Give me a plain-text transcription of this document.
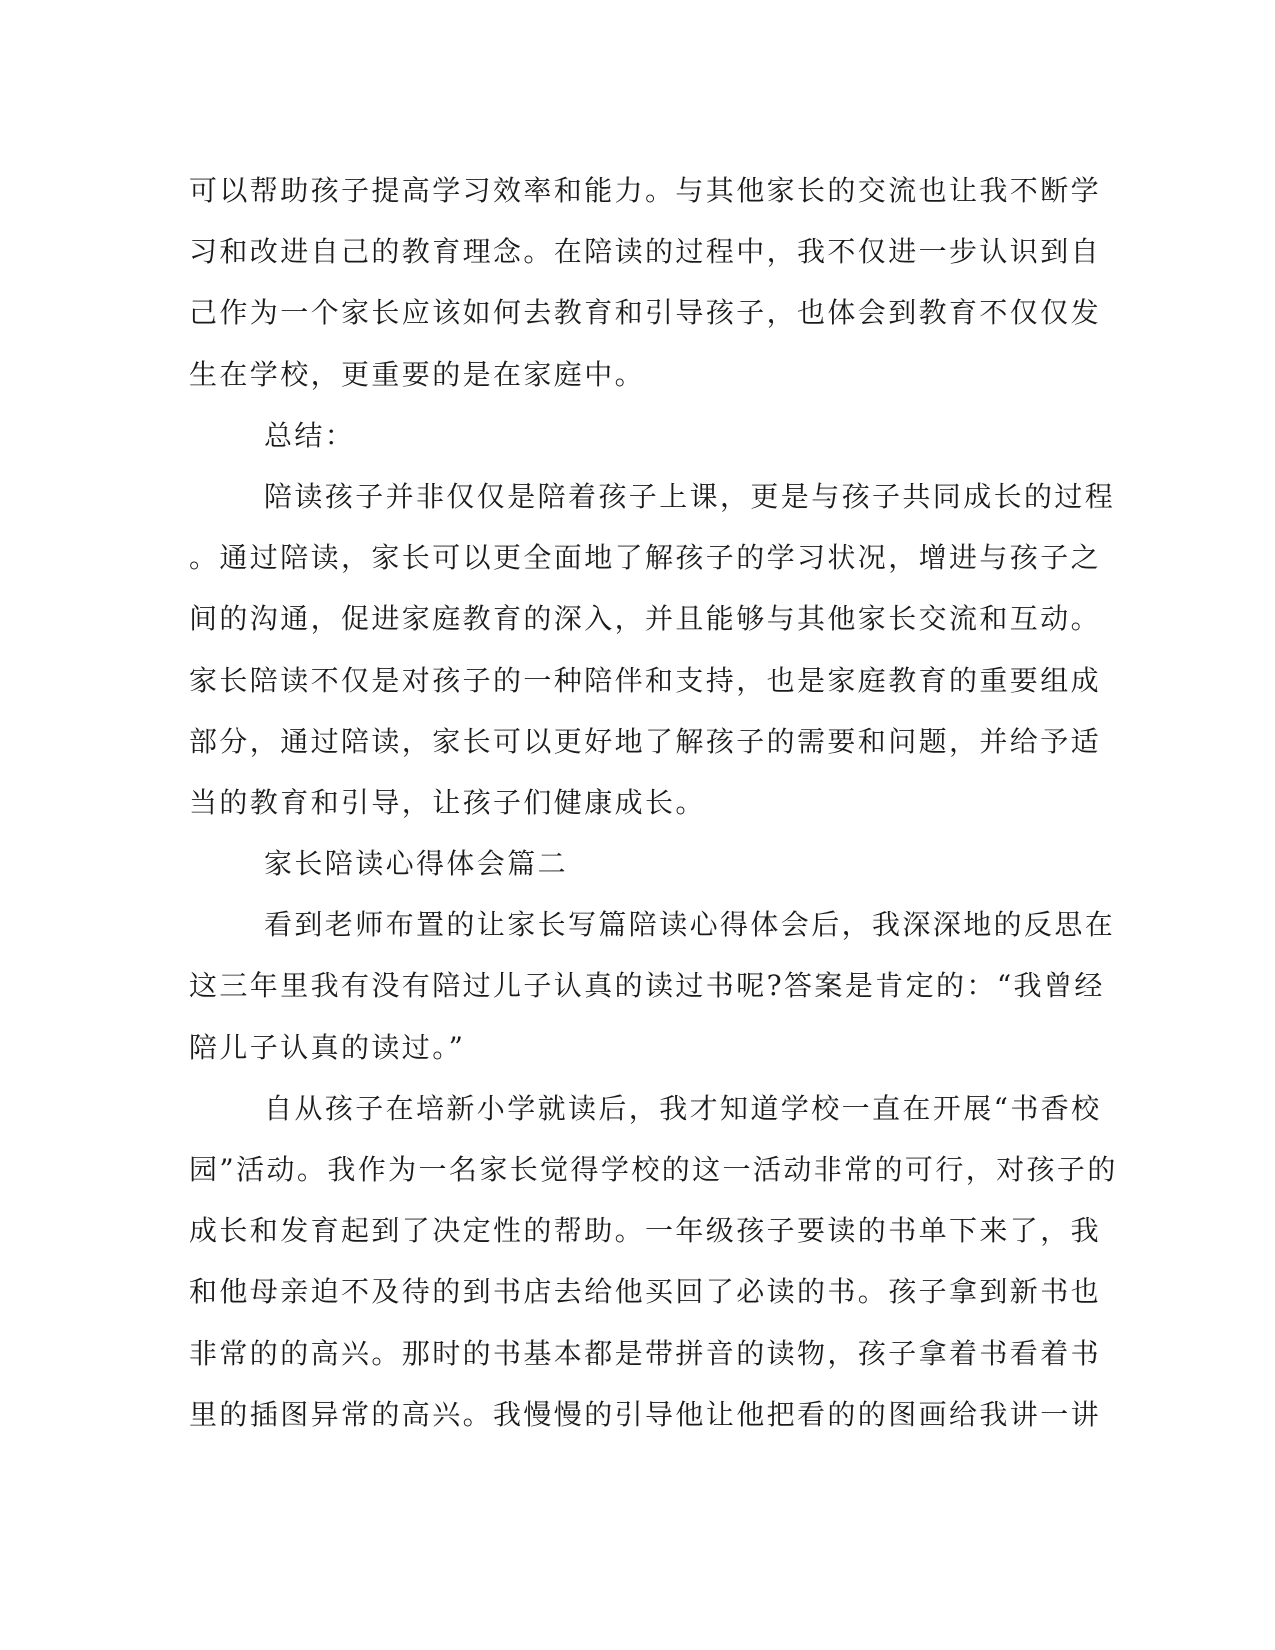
可以帮助孩子提高学习效率和能力。与其他家长的交流也让我不断学
习和改进自己的教育理念。在陪读的过程中，我不仅进一步认识到自
己作为一个家长应该如何去教育和引导孩子，也体会到教育不仅仅发
生在学校，更重要的是在家庭中。
总结：
陪读孩子并非仅仅是陪着孩子上课，更是与孩子共同成长的过程
。通过陪读，家长可以更全面地了解孩子的学习状况，增进与孩子之
间的沟通，促进家庭教育的深入，并且能够与其他家长交流和互动。
家长陪读不仅是对孩子的一种陪伴和支持，也是家庭教育的重要组成
部分，通过陪读，家长可以更好地了解孩子的需要和问题，并给予适
当的教育和引导，让孩子们健康成长。
家长陪读心得体会篇二
看到老师布置的让家长写篇陪读心得体会后，我深深地的反思在
这三年里我有没有陪过儿子认真的读过书呢?答案是肯定的：“我曾经
陪儿子认真的读过。”
自从孩子在培新小学就读后，我才知道学校一直在开展“书香校
园”活动。我作为一名家长觉得学校的这一活动非常的可行，对孩子的
成长和发育起到了决定性的帮助。一年级孩子要读的书单下来了，我
和他母亲迫不及待的到书店去给他买回了必读的书。孩子拿到新书也
非常的的高兴。那时的书基本都是带拼音的读物，孩子拿着书看着书
里的插图异常的高兴。我慢慢的引导他让他把看的的图画给我讲一讲
